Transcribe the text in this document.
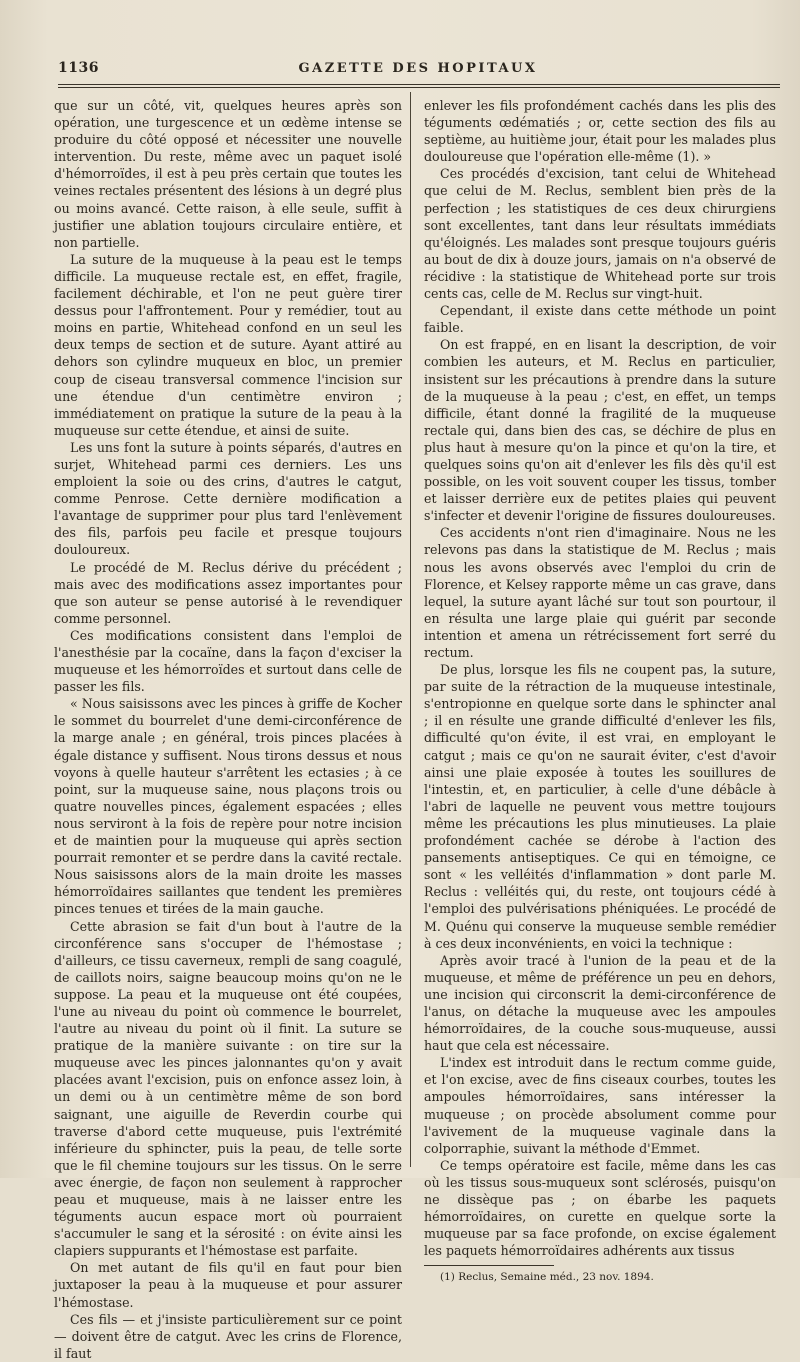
1136	GAZETTE DES HOPITAUX

que sur un côté, vit, quelques heures après son opération, une turgescence et un œdème intense se produire du côté opposé et nécessiter une nouvelle intervention. Du reste, même avec un paquet isolé d'hémorroïdes, il est à peu près certain que toutes les veines rectales présentent des lésions à un degré plus ou moins avancé. Cette raison, à elle seule, suffit à justifier une ablation toujours circulaire entière, et non partielle.

La suture de la muqueuse à la peau est le temps difficile. La muqueuse rectale est, en effet, fragile, facilement déchirable, et l'on ne peut guère tirer dessus pour l'affrontement. Pour y remédier, tout au moins en partie, Whitehead confond en un seul les deux temps de section et de suture. Ayant attiré au dehors son cylindre muqueux en bloc, un premier coup de ciseau transversal commence l'incision sur une étendue d'un centimètre environ ; immédiatement on pratique la suture de la peau à la muqueuse sur cette étendue, et ainsi de suite.

Les uns font la suture à points séparés, d'autres en surjet, Whitehead parmi ces derniers. Les uns emploient la soie ou des crins, d'autres le catgut, comme Penrose. Cette dernière modification a l'avantage de supprimer pour plus tard l'enlèvement des fils, parfois peu facile et presque toujours douloureux.

Le procédé de M. Reclus dérive du précédent ; mais avec des modifications assez importantes pour que son auteur se pense autorisé à le revendiquer comme personnel.

Ces modifications consistent dans l'emploi de l'anesthésie par la cocaïne, dans la façon d'exciser la muqueuse et les hémorroïdes et surtout dans celle de passer les fils.

« Nous saisissons avec les pinces à griffe de Kocher le sommet du bourrelet d'une demi-circonférence de la marge anale ; en général, trois pinces placées à égale distance y suffisent. Nous tirons dessus et nous voyons à quelle hauteur s'arrêtent les ectasies ; à ce point, sur la muqueuse saine, nous plaçons trois ou quatre nouvelles pinces, également espacées ; elles nous serviront à la fois de repère pour notre incision et de maintien pour la muqueuse qui après section pourrait remonter et se perdre dans la cavité rectale. Nous saisissons alors de la main droite les masses hémorroïdaires saillantes que tendent les premières pinces tenues et tirées de la main gauche.

Cette abrasion se fait d'un bout à l'autre de la circonférence sans s'occuper de l'hémostase ; d'ailleurs, ce tissu caverneux, rempli de sang coagulé, de caillots noirs, saigne beaucoup moins qu'on ne le suppose. La peau et la muqueuse ont été coupées, l'une au niveau du point où commence le bourrelet, l'autre au niveau du point où il finit. La suture se pratique de la manière suivante : on tire sur la muqueuse avec les pinces jalonnantes qu'on y avait placées avant l'excision, puis on enfonce assez loin, à un demi ou à un centimètre même de son bord saignant, une aiguille de Reverdin courbe qui traverse d'abord cette muqueuse, puis l'extrémité inférieure du sphincter, puis la peau, de telle sorte que le fil chemine toujours sur les tissus. On le serre avec énergie, de façon non seulement à rapprocher peau et muqueuse, mais à ne laisser entre les téguments aucun espace mort où pourraient s'accumuler le sang et la sérosité : on évite ainsi les clapiers suppurants et l'hémostase est parfaite.

On met autant de fils qu'il en faut pour bien juxtaposer la peau à la muqueuse et pour assurer l'hémostase.

Ces fils — et j'insiste particulièrement sur ce point — doivent être de catgut. Avec les crins de Florence, il faut

enlever les fils profondément cachés dans les plis des téguments œdématiés ; or, cette section des fils au septième, au huitième jour, était pour les malades plus douloureuse que l'opération elle-même (1). »

Ces procédés d'excision, tant celui de Whitehead que celui de M. Reclus, semblent bien près de la perfection ; les statistiques de ces deux chirurgiens sont excellentes, tant dans leur résultats immédiats qu'éloignés. Les malades sont presque toujours guéris au bout de dix à douze jours, jamais on n'a observé de récidive : la statistique de Whitehead porte sur trois cents cas, celle de M. Reclus sur vingt-huit.

Cependant, il existe dans cette méthode un point faible.

On est frappé, en en lisant la description, de voir combien les auteurs, et M. Reclus en particulier, insistent sur les précautions à prendre dans la suture de la muqueuse à la peau ; c'est, en effet, un temps difficile, étant donné la fragilité de la muqueuse rectale qui, dans bien des cas, se déchire de plus en plus haut à mesure qu'on la pince et qu'on la tire, et quelques soins qu'on ait d'enlever les fils dès qu'il est possible, on les voit souvent couper les tissus, tomber et laisser derrière eux de petites plaies qui peuvent s'infecter et devenir l'origine de fissures douloureuses.

Ces accidents n'ont rien d'imaginaire. Nous ne les relevons pas dans la statistique de M. Reclus ; mais nous les avons observés avec l'emploi du crin de Florence, et Kelsey rapporte même un cas grave, dans lequel, la suture ayant lâché sur tout son pourtour, il en résulta une large plaie qui guérit par seconde intention et amena un rétrécissement fort serré du rectum.

De plus, lorsque les fils ne coupent pas, la suture, par suite de la rétraction de la muqueuse intestinale, s'entropionne en quelque sorte dans le sphincter anal ; il en résulte une grande difficulté d'enlever les fils, difficulté qu'on évite, il est vrai, en employant le catgut ; mais ce qu'on ne saurait éviter, c'est d'avoir ainsi une plaie exposée à toutes les souillures de l'intestin, et, en particulier, à celle d'une débâcle à l'abri de laquelle ne peuvent vous mettre toujours même les précautions les plus minutieuses. La plaie profondément cachée se dérobe à l'action des pansements antiseptiques. Ce qui en témoigne, ce sont « les velléités d'inflammation » dont parle M. Reclus : velléités qui, du reste, ont toujours cédé à l'emploi des pulvérisations phéniquées. Le procédé de M. Quénu qui conserve la muqueuse semble remédier à ces deux inconvénients, en voici la technique :

Après avoir tracé à l'union de la peau et de la muqueuse, et même de préférence un peu en dehors, une incision qui circonscrit la demi-circonférence de l'anus, on détache la muqueuse avec les ampoules hémorroïdaires, de la couche sous-muqueuse, aussi haut que cela est nécessaire.

L'index est introduit dans le rectum comme guide, et l'on excise, avec de fins ciseaux courbes, toutes les ampoules hémorroïdaires, sans intéresser la muqueuse ; on procède absolument comme pour l'avivement de la muqueuse vaginale dans la colporraphie, suivant la méthode d'Emmet.

Ce temps opératoire est facile, même dans les cas où les tissus sous-muqueux sont sclérosés, puisqu'on ne dissèque pas ; on ébarbe les paquets hémorroïdaires, on curette en quelque sorte la muqueuse par sa face profonde, on excise également les paquets hémorroïdaires adhérents aux tissus

(1) Reclus, Semaine méd., 23 nov. 1894.
